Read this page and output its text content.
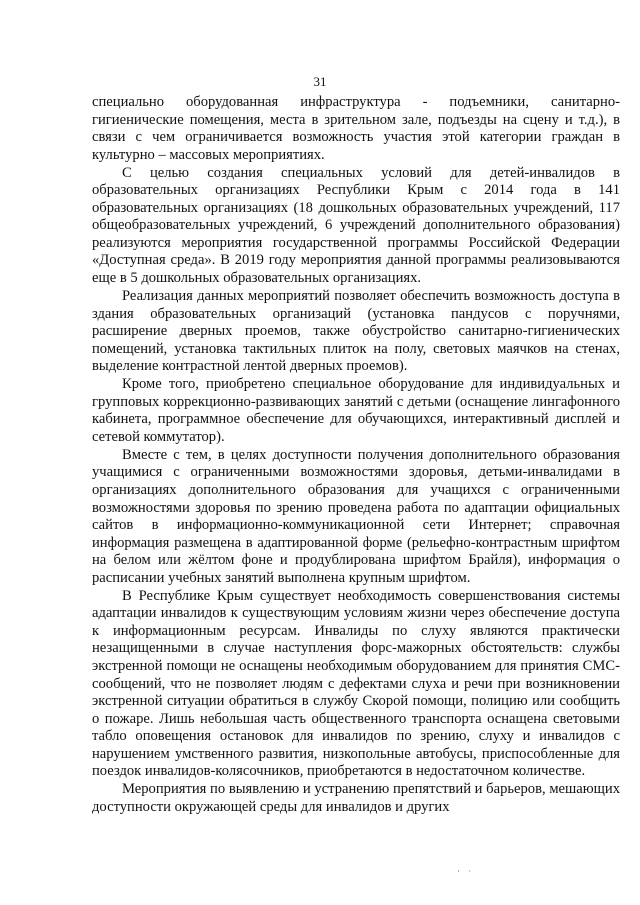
31

специально оборудованная инфраструктура - подъемники, санитарно-гигиенические помещения, места в зрительном зале, подъезды на сцену и т.д.), в связи с чем ограничивается возможность участия этой категории граждан в культурно – массовых мероприятиях.

С целью создания специальных условий для детей-инвалидов в образовательных организациях Республики Крым с 2014 года в 141 образовательных организациях (18 дошкольных образовательных учреждений, 117 общеобразовательных учреждений, 6 учреждений дополнительного образования) реализуются мероприятия государственной программы Российской Федерации «Доступная среда». В 2019 году мероприятия данной программы реализовываются еще в 5 дошкольных образовательных организациях.

Реализация данных мероприятий позволяет обеспечить возможность доступа в здания образовательных организаций (установка пандусов с поручнями, расширение дверных проемов, также обустройство санитарно-гигиенических помещений, установка тактильных плиток на полу, световых маячков на стенах, выделение контрастной лентой дверных проемов).

Кроме того, приобретено специальное оборудование для индивидуальных и групповых коррекционно-развивающих занятий с детьми (оснащение лингафонного кабинета, программное обеспечение для обучающихся, интерактивный дисплей и сетевой коммутатор).

Вместе с тем, в целях доступности получения дополнительного образования учащимися с ограниченными возможностями здоровья, детьми-инвалидами в организациях дополнительного образования для учащихся с ограниченными возможностями здоровья по зрению проведена работа по адаптации официальных сайтов в информационно-коммуникационной сети Интернет; справочная информация размещена в адаптированной форме (рельефно-контрастным шрифтом на белом или жёлтом фоне и продублирована шрифтом Брайля), информация о расписании учебных занятий выполнена крупным шрифтом.

В Республике Крым существует необходимость совершенствования системы адаптации инвалидов к существующим условиям жизни через обеспечение доступа к информационным ресурсам. Инвалиды по слуху являются практически незащищенными в случае наступления форс-мажорных обстоятельств: службы экстренной помощи не оснащены необходимым оборудованием для принятия СМС-сообщений, что не позволяет людям с дефектами слуха и речи при возникновении экстренной ситуации обратиться в службу Скорой помощи, полицию или сообщить о пожаре. Лишь небольшая часть общественного транспорта оснащена световыми табло оповещения остановок для инвалидов по зрению, слуху и инвалидов с нарушением умственного развития, низкопольные автобусы, приспособленные для поездок инвалидов-колясочников, приобретаются в недостаточном количестве.

Мероприятия по выявлению и устранению препятствий и барьеров, мешающих доступности окружающей среды для инвалидов и других

· ·
